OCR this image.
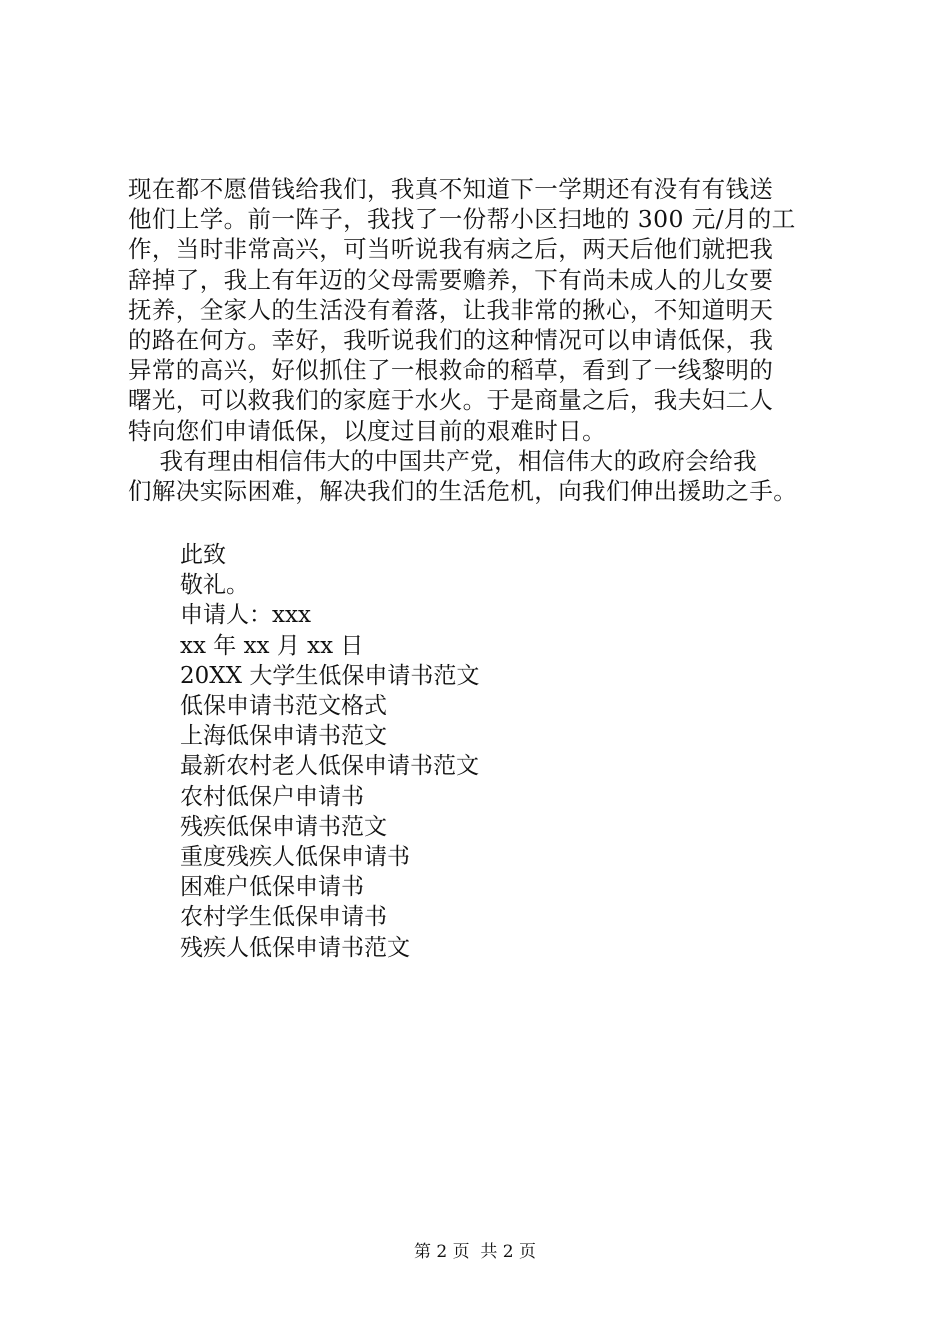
现在都不愿借钱给我们，我真不知道下一学期还有没有有钱送
他们上学。前一阵子，我找了一份帮小区扫地的 300 元/月的工
作，当时非常高兴，可当听说我有病之后，两天后他们就把我
辞掉了，我上有年迈的父母需要赡养，下有尚未成人的儿女要
抚养，全家人的生活没有着落，让我非常的揪心，不知道明天
的路在何方。幸好，我听说我们的这种情况可以申请低保，我
异常的高兴，好似抓住了一根救命的稻草，看到了一线黎明的
曙光，可以救我们的家庭于水火。于是商量之后，我夫妇二人
特向您们申请低保，以度过目前的艰难时日。
我有理由相信伟大的中国共产党，相信伟大的政府会给我
们解决实际困难，解决我们的生活危机，向我们伸出援助之手。
此致
敬礼。
申请人：xxx
xx 年 xx 月 xx 日
20XX 大学生低保申请书范文
低保申请书范文格式
上海低保申请书范文
最新农村老人低保申请书范文
农村低保户申请书
残疾低保申请书范文
重度残疾人低保申请书
困难户低保申请书
农村学生低保申请书
残疾人低保申请书范文
第 2 页  共 2 页
